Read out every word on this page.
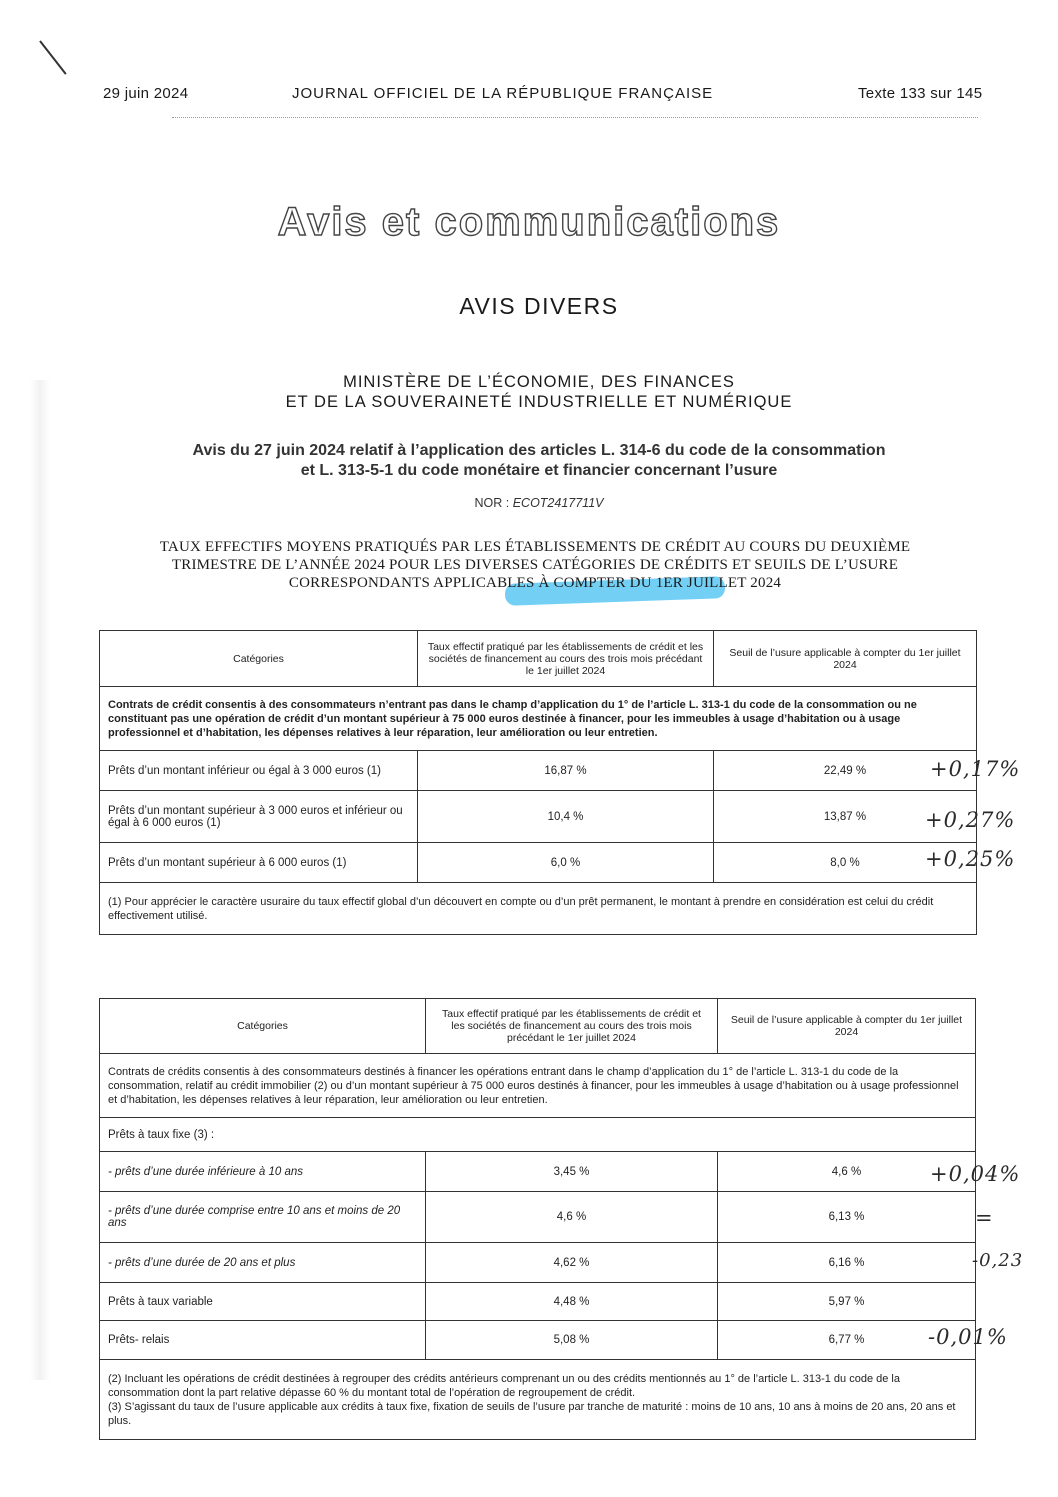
29 juin 2024	JOURNAL OFFICIEL DE LA RÉPUBLIQUE FRANÇAISE	Texte 133 sur 145
Avis et communications
AVIS DIVERS
MINISTÈRE DE L’ÉCONOMIE, DES FINANCES
ET DE LA SOUVERAINETÉ INDUSTRIELLE ET NUMÉRIQUE
Avis du 27 juin 2024 relatif à l’application des articles L. 314-6 du code de la consommation
et L. 313-5-1 du code monétaire et financier concernant l’usure
NOR : ECOT2417711V
TAUX EFFECTIFS MOYENS PRATIQUÉS PAR LES ÉTABLISSEMENTS DE CRÉDIT AU COURS DU DEUXIÈME
TRIMESTRE DE L’ANNÉE 2024 POUR LES DIVERSES CATÉGORIES DE CRÉDITS ET SEUILS DE L’USURE
CORRESPONDANTS APPLICABLES À COMPTER DU 1ER JUILLET 2024
Catégories	Taux effectif pratiqué par les établissements de crédit et les sociétés de financement au cours des trois mois précédant le 1er juillet 2024	Seuil de l’usure applicable à compter du 1er juillet 2024
Contrats de crédit consentis à des consommateurs n’entrant pas dans le champ d’application du 1° de l’article L. 313-1 du code de la consommation ou ne constituant pas une opération de crédit d’un montant supérieur à 75 000 euros destinée à financer, pour les immeubles à usage d’habitation ou à usage professionnel et d’habitation, les dépenses relatives à leur réparation, leur amélioration ou leur entretien.		
Prêts d’un montant inférieur ou égal à 3 000 euros (1)	16,87 %	22,49 %
Prêts d’un montant supérieur à 3 000 euros et inférieur ou égal à 6 000 euros (1)	10,4 %	13,87 %
Prêts d’un montant supérieur à 6 000 euros (1)	6,0 %	8,0 %
(1) Pour apprécier le caractère usuraire du taux effectif global d’un découvert en compte ou d’un prêt permanent, le montant à prendre en considération est celui du crédit effectivement utilisé.		
Catégories	Taux effectif pratiqué par les établissements de crédit et les sociétés de financement au cours des trois mois précédant le 1er juillet 2024	Seuil de l’usure applicable à compter du 1er juillet 2024
Contrats de crédits consentis à des consommateurs destinés à financer les opérations entrant dans le champ d’application du 1° de l’article L. 313-1 du code de la consommation, relatif au crédit immobilier (2) ou d’un montant supérieur à 75 000 euros destinés à financer, pour les immeubles à usage d’habitation ou à usage professionnel et d’habitation, les dépenses relatives à leur réparation, leur amélioration ou leur entretien.		
Prêts à taux fixe (3) :		
- prêts d’une durée inférieure à 10 ans	3,45 %	4,6 %
- prêts d’une durée comprise entre 10 ans et moins de 20 ans	4,6 %	6,13 %
- prêts d’une durée de 20 ans et plus	4,62 %	6,16 %
Prêts à taux variable	4,48 %	5,97 %
Prêts- relais	5,08 %	6,77 %

(2) Incluant les opérations de crédit destinées à regrouper des crédits antérieurs comprenant un ou des crédits mentionnés au 1° de l’article L. 313-1 du code de la consommation dont la part relative dépasse 60 % du montant total de l’opération de regroupement de crédit.
(3) S’agissant du taux de l’usure applicable aux crédits à taux fixe, fixation de seuils de l’usure par tranche de maturité : moins de 10 ans, 10 ans à moins de 20 ans, 20 ans et plus.		
+0,17%
+0,27%
+0,25%
+0,04%
=
-0,23
-0,01%
